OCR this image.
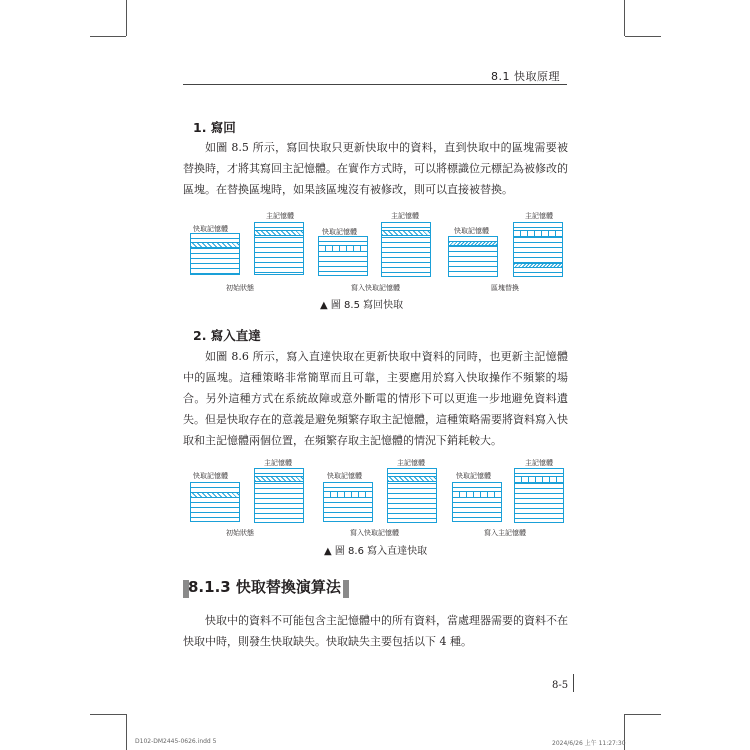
8.1 快取原理
1. 寫回

如圖 8.5 所示，寫回快取只更新快取中的資料，直到快取中的區塊需要被替換時，才將其寫回主記憶體。在實作方式時，可以將標識位元標記為被修改的區塊。在替換區塊時，如果該區塊沒有被修改，則可以直接被替換。

快取記憶體
主記憶體
初始狀態
快取記憶體
主記憶體
寫入快取記憶體
快取記憶體
主記憶體
區塊替換
▲ 圖 8.5 寫回快取
2. 寫入直達

如圖 8.6 所示，寫入直達快取在更新快取中資料的同時，也更新主記憶體中的區塊。這種策略非常簡單而且可靠，主要應用於寫入快取操作不頻繁的場合。另外這種方式在系統故障或意外斷電的情形下可以更進一步地避免資料遺失。但是快取存在的意義是避免頻繁存取主記憶體，這種策略需要將資料寫入快取和主記憶體兩個位置，在頻繁存取主記憶體的情況下銷耗較大。

快取記憶體
主記憶體
初始狀態
快取記憶體
主記憶體
寫入快取記憶體
快取記憶體
主記憶體
寫入主記憶體
▲ 圖 8.6 寫入直達快取
8.1.3 快取替換演算法

快取中的資料不可能包含主記憶體中的所有資料，當處理器需要的資料不在快取中時，則發生快取缺失。快取缺失主要包括以下 4 種。

8-5
D102-DM2445-0626.indd 5	2024/6/26 上午 11:27:30
